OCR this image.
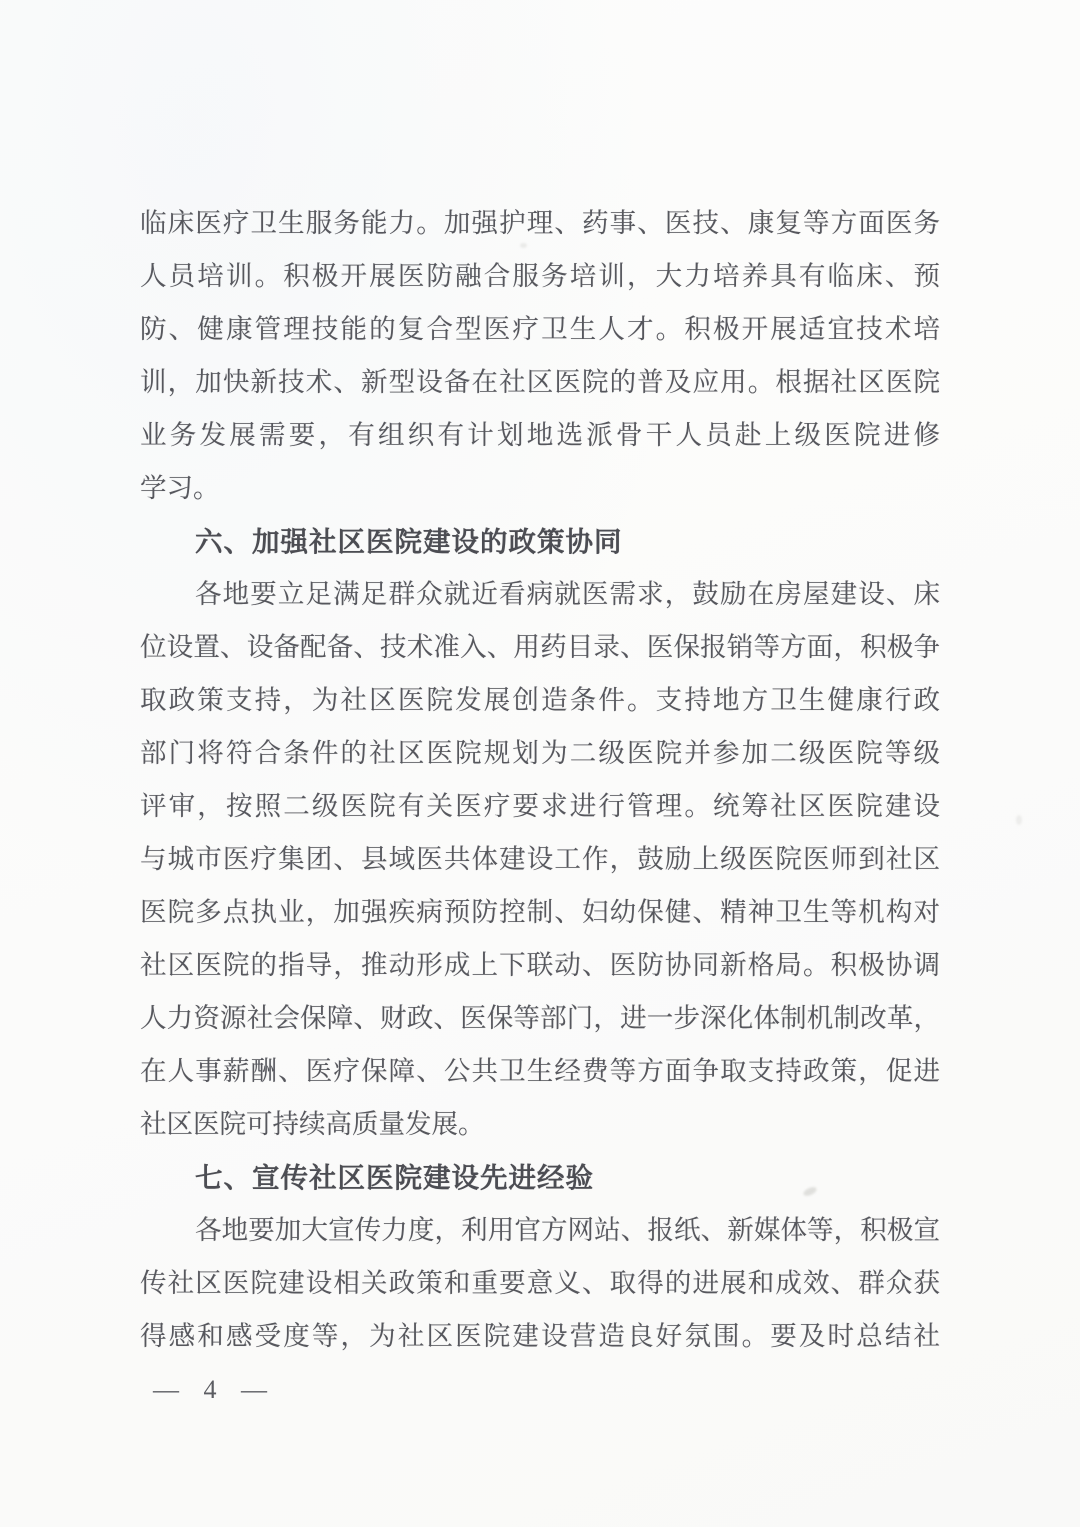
临床医疗卫生服务能力。加强护理、药事、医技、康复等方面医务
人员培训。积极开展医防融合服务培训，大力培养具有临床、预
防、健康管理技能的复合型医疗卫生人才。积极开展适宜技术培
训，加快新技术、新型设备在社区医院的普及应用。根据社区医院
业务发展需要，有组织有计划地选派骨干人员赴上级医院进修
学习。
六、加强社区医院建设的政策协同
各地要立足满足群众就近看病就医需求，鼓励在房屋建设、床
位设置、设备配备、技术准入、用药目录、医保报销等方面，积极争
取政策支持，为社区医院发展创造条件。支持地方卫生健康行政
部门将符合条件的社区医院规划为二级医院并参加二级医院等级
评审，按照二级医院有关医疗要求进行管理。统筹社区医院建设
与城市医疗集团、县域医共体建设工作，鼓励上级医院医师到社区
医院多点执业，加强疾病预防控制、妇幼保健、精神卫生等机构对
社区医院的指导，推动形成上下联动、医防协同新格局。积极协调
人力资源社会保障、财政、医保等部门，进一步深化体制机制改革，
在人事薪酬、医疗保障、公共卫生经费等方面争取支持政策，促进
社区医院可持续高质量发展。
七、宣传社区医院建设先进经验
各地要加大宣传力度，利用官方网站、报纸、新媒体等，积极宣
传社区医院建设相关政策和重要意义、取得的进展和成效、群众获
得感和感受度等，为社区医院建设营造良好氛围。要及时总结社
— 4 —
